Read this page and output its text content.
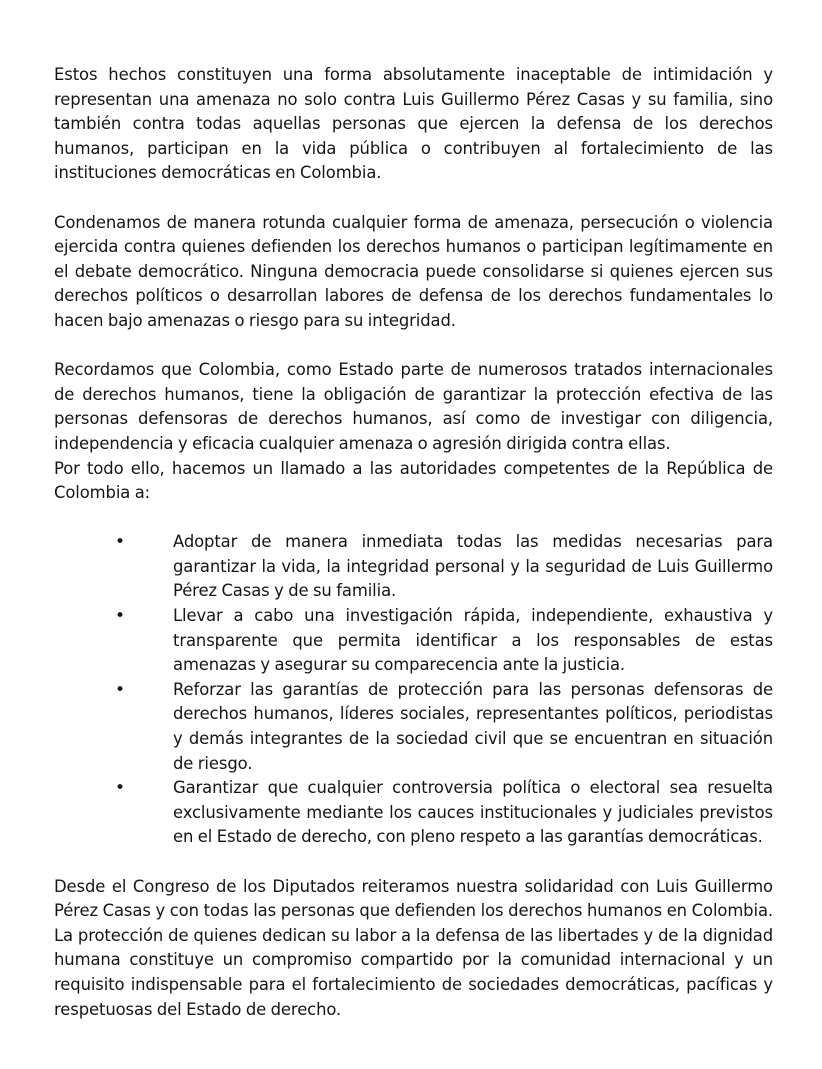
Estos hechos constituyen una forma absolutamente inaceptable de intimidación y representan una amenaza no solo contra Luis Guillermo Pérez Casas y su familia, sino también contra todas aquellas personas que ejercen la defensa de los derechos humanos, participan en la vida pública o contribuyen al fortalecimiento de las instituciones democráticas en Colombia.

Condenamos de manera rotunda cualquier forma de amenaza, persecución o violencia ejercida contra quienes defienden los derechos humanos o participan legítimamente en el debate democrático. Ninguna democracia puede consolidarse si quienes ejercen sus derechos políticos o desarrollan labores de defensa de los derechos fundamentales lo hacen bajo amenazas o riesgo para su integridad.

Recordamos que Colombia, como Estado parte de numerosos tratados internacionales de derechos humanos, tiene la obligación de garantizar la protección efectiva de las personas defensoras de derechos humanos, así como de investigar con diligencia, independencia y eficacia cualquier amenaza o agresión dirigida contra ellas.

Por todo ello, hacemos un llamado a las autoridades competentes de la República de Colombia a:

•	Adoptar de manera inmediata todas las medidas necesarias para garantizar la vida, la integridad personal y la seguridad de Luis Guillermo Pérez Casas y de su familia.
•	Llevar a cabo una investigación rápida, independiente, exhaustiva y transparente que permita identificar a los responsables de estas amenazas y asegurar su comparecencia ante la justicia.
•	Reforzar las garantías de protección para las personas defensoras de derechos humanos, líderes sociales, representantes políticos, periodistas y demás integrantes de la sociedad civil que se encuentran en situación de riesgo.
•	Garantizar que cualquier controversia política o electoral sea resuelta exclusivamente mediante los cauces institucionales y judiciales previstos en el Estado de derecho, con pleno respeto a las garantías democráticas.

Desde el Congreso de los Diputados reiteramos nuestra solidaridad con Luis Guillermo Pérez Casas y con todas las personas que defienden los derechos humanos en Colombia. La protección de quienes dedican su labor a la defensa de las libertades y de la dignidad humana constituye un compromiso compartido por la comunidad internacional y un requisito indispensable para el fortalecimiento de sociedades democráticas, pacíficas y respetuosas del Estado de derecho.
